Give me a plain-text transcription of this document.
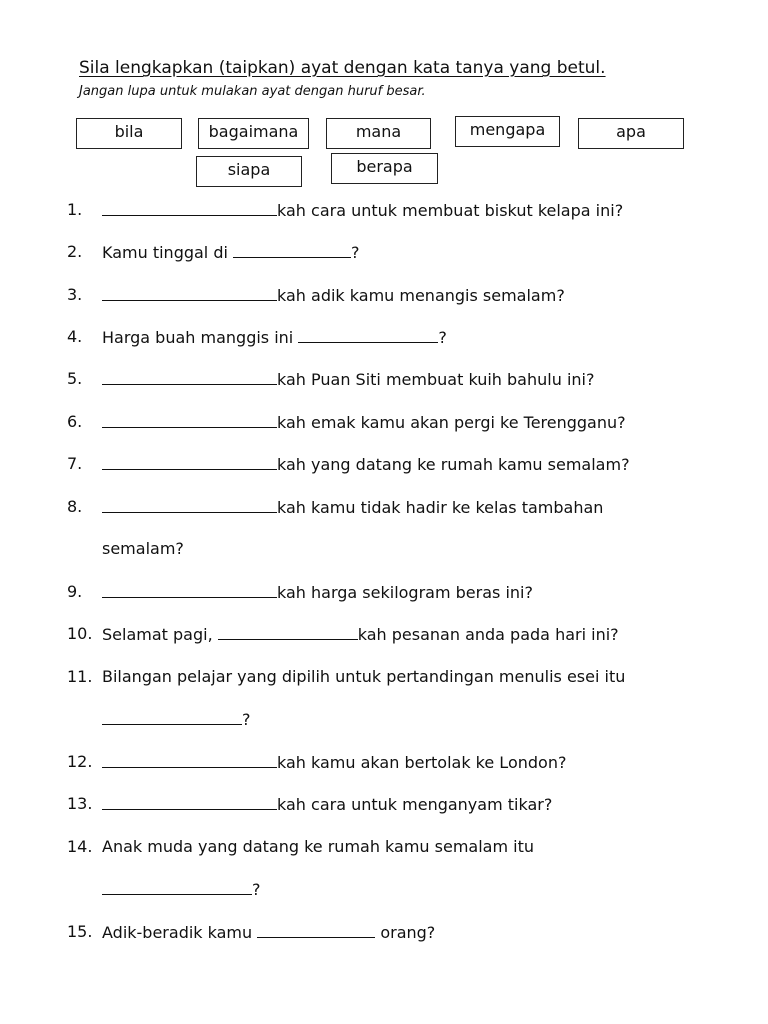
Sila lengkapkan (taipkan) ayat dengan kata tanya yang betul.
Jangan lupa untuk mulakan ayat dengan huruf besar.
bila	bagaimana	mana	mengapa	apa
siapa	berapa
1.	kah cara untuk membuat biskut kelapa ini?
2.	Kamu tinggal di	?
3.	kah adik kamu menangis semalam?
4.	Harga buah manggis ini	?
5.	kah Puan Siti membuat kuih bahulu ini?
6.	kah emak kamu akan pergi ke Terengganu?
7.	kah yang datang ke rumah kamu semalam?
8.	kah kamu tidak hadir ke kelas tambahan
semalam?
9.	kah harga sekilogram beras ini?
10. Selamat pagi,	kah pesanan anda pada hari ini?
11. Bilangan pelajar yang dipilih untuk pertandingan menulis esei itu
?
12.	kah kamu akan bertolak ke London?
13.	kah cara untuk menganyam tikar?
14. Anak muda yang datang ke rumah kamu semalam itu
?
15. Adik-beradik kamu	orang?
